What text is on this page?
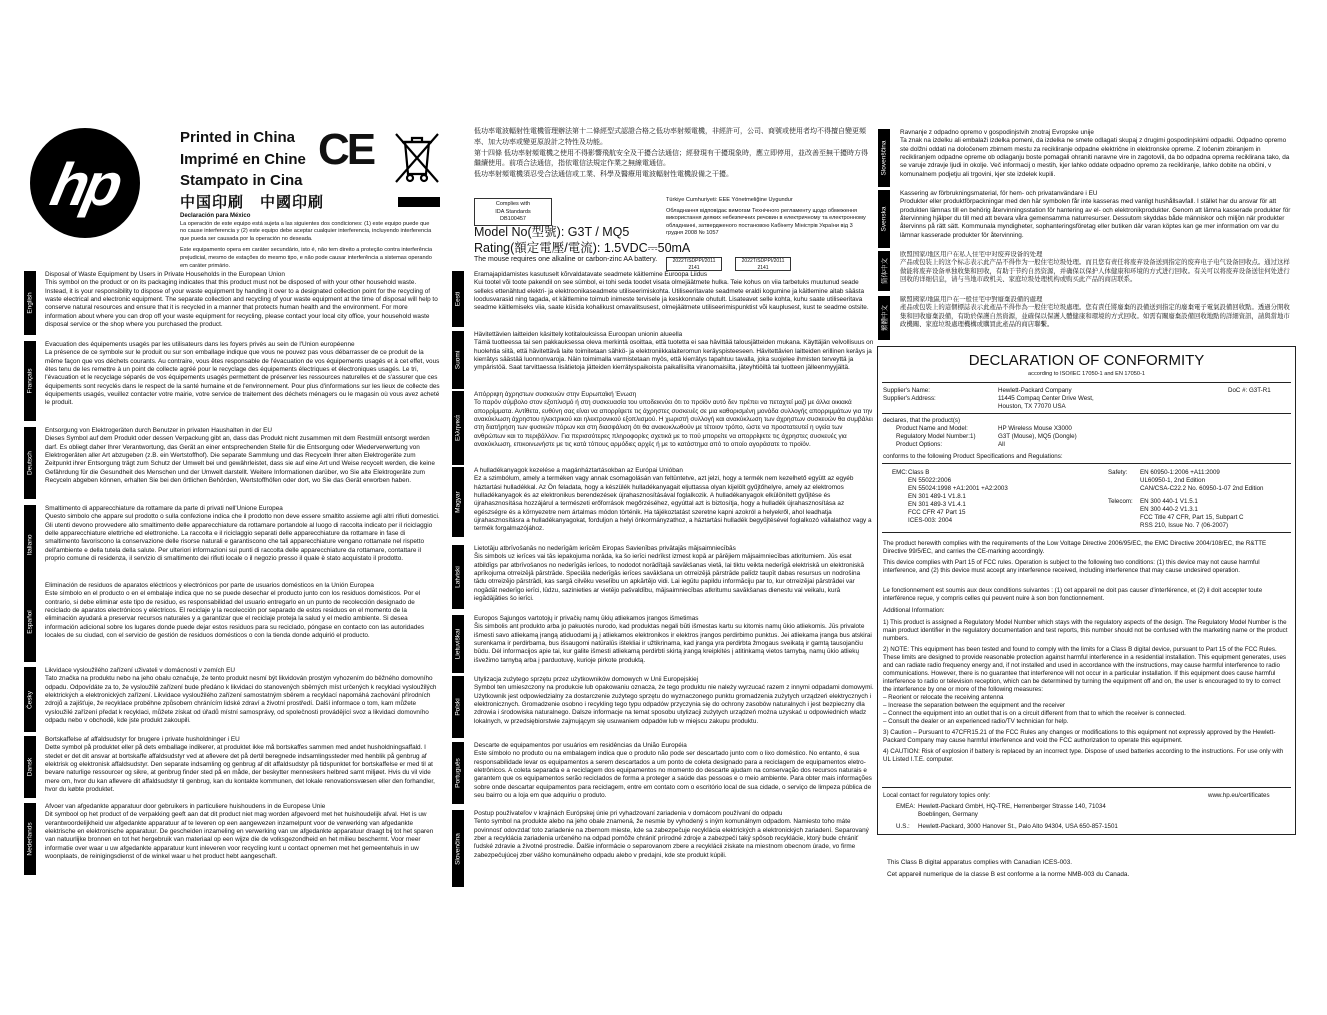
hp
Printed in China
Imprimé en Chine
Stampato in Cina
中国印刷　中國印刷
CE
Declaración para México
La operación de este equipo está sujeta a las siguientes dos condiciones: (1) este equipo puede que no cause interferencia y (2) este equipo debe aceptar cualquier interferencia, incluyendo interferencia que pueda ser causada por la operación no deseada.
Este equipamento opera em caráter secundário, isto é, não tem direito a proteção contra interferência prejudicial, mesmo de estações do mesmo tipo, e não pode causar interferência a sistemas operando em caráter primário.
English
Disposal of Waste Equipment by Users in Private Households in the European Union
This symbol on the product or on its packaging indicates that this product must not be disposed of with your other household waste. Instead, it is your responsibility to dispose of your waste equipment by handing it over to a designated collection point for the recycling of waste electrical and electronic equipment. The separate collection and recycling of your waste equipment at the time of disposal will help to conserve natural resources and ensure that it is recycled in a manner that protects human health and the environment. For more information about where you can drop off your waste equipment for recycling, please contact your local city office, your household waste disposal service or the shop where you purchased the product.
Français
Évacuation des équipements usagés par les utilisateurs dans les foyers privés au sein de l'Union européenne
La présence de ce symbole sur le produit ou sur son emballage indique que vous ne pouvez pas vous débarrasser de ce produit de la même façon que vos déchets courants. Au contraire, vous êtes responsable de l'évacuation de vos équipements usagés et à cet effet, vous êtes tenu de les remettre à un point de collecte agréé pour le recyclage des équipements électriques et électroniques usagés. Le tri, l'évacuation et le recyclage séparés de vos équipements usagés permettent de préserver les ressources naturelles et de s'assurer que ces équipements sont recyclés dans le respect de la santé humaine et de l'environnement. Pour plus d'informations sur les lieux de collecte des équipements usagés, veuillez contacter votre mairie, votre service de traitement des déchets ménagers ou le magasin où vous avez acheté le produit.
Deutsch
Entsorgung von Elektrogeräten durch Benutzer in privaten Haushalten in der EU
Dieses Symbol auf dem Produkt oder dessen Verpackung gibt an, dass das Produkt nicht zusammen mit dem Restmüll entsorgt werden darf. Es obliegt daher Ihrer Verantwortung, das Gerät an einer entsprechenden Stelle für die Entsorgung oder Wiederverwertung von Elektrogeräten aller Art abzugeben (z.B. ein Wertstoffhof). Die separate Sammlung und das Recyceln Ihrer alten Elektrogeräte zum Zeitpunkt ihrer Entsorgung trägt zum Schutz der Umwelt bei und gewährleistet, dass sie auf eine Art und Weise recycelt werden, die keine Gefährdung für die Gesundheit des Menschen und der Umwelt darstellt. Weitere Informationen darüber, wo Sie alte Elektrogeräte zum Recyceln abgeben können, erhalten Sie bei den örtlichen Behörden, Wertstoffhöfen oder dort, wo Sie das Gerät erworben haben.
Italiano
Smaltimento di apparecchiature da rottamare da parte di privati nell'Unione Europea
Questo simbolo che appare sul prodotto o sulla confezione indica che il prodotto non deve essere smaltito assieme agli altri rifiuti domestici. Gli utenti devono provvedere allo smaltimento delle apparecchiature da rottamare portandole al luogo di raccolta indicato per il riciclaggio delle apparecchiature elettriche ed elettroniche. La raccolta e il riciclaggio separati delle apparecchiature da rottamare in fase di smaltimento favoriscono la conservazione delle risorse naturali e garantiscono che tali apparecchiature vengano rottamate nel rispetto dell'ambiente e della tutela della salute. Per ulteriori informazioni sui punti di raccolta delle apparecchiature da rottamare, contattare il proprio comune di residenza, il servizio di smaltimento dei rifiuti locale o il negozio presso il quale è stato acquistato il prodotto.
Español
Eliminación de residuos de aparatos eléctricos y electrónicos por parte de usuarios domésticos en la Unión Europea
Este símbolo en el producto o en el embalaje indica que no se puede desechar el producto junto con los residuos domésticos. Por el contrario, si debe eliminar este tipo de residuo, es responsabilidad del usuario entregarlo en un punto de recolección designado de reciclado de aparatos electrónicos y eléctricos. El reciclaje y la recolección por separado de estos residuos en el momento de la eliminación ayudará a preservar recursos naturales y a garantizar que el reciclaje proteja la salud y el medio ambiente. Si desea información adicional sobre los lugares donde puede dejar estos residuos para su reciclado, póngase en contacto con las autoridades locales de su ciudad, con el servicio de gestión de residuos domésticos o con la tienda donde adquirió el producto.
Česky
Likvidace vysloužilého zařízení uživateli v domácnosti v zemích EU
Tato značka na produktu nebo na jeho obalu označuje, že tento produkt nesmí být likvidován prostým vyhozením do běžného domovního odpadu. Odpovídáte za to, že vysloužilé zařízení bude předáno k likvidaci do stanovených sběrných míst určených k recyklaci vysloužilých elektrických a elektronických zařízení. Likvidace vysloužilého zařízení samostatným sběrem a recyklací napomáhá zachování přírodních zdrojů a zajišťuje, že recyklace proběhne způsobem chránícím lidské zdraví a životní prostředí. Další informace o tom, kam můžete vysloužilé zařízení předat k recyklaci, můžete získat od úřadů místní samosprávy, od společnosti provádějící svoz a likvidaci domovního odpadu nebo v obchodě, kde jste produkt zakoupili.
Dansk
Bortskaffelse af affaldsudstyr for brugere i private husholdninger i EU
Dette symbol på produktet eller på dets emballage indikerer, at produktet ikke må bortskaffes sammen med andet husholdningsaffald. I stedet er det dit ansvar at bortskaffe affaldsudstyr ved at aflevere det på dertil beregnede indsamlingssteder med henblik på genbrug af elektrisk og elektronisk affaldsudstyr. Den separate indsamling og genbrug af dit affaldsudstyr på tidspunktet for bortskaffelse er med til at bevare naturlige ressourcer og sikre, at genbrug finder sted på en måde, der beskytter menneskers helbred samt miljøet. Hvis du vil vide mere om, hvor du kan aflevere dit affaldsudstyr til genbrug, kan du kontakte kommunen, det lokale renovationsvæsen eller den forhandler, hvor du købte produktet.
Nederlands
Afvoer van afgedankte apparatuur door gebruikers in particuliere huishoudens in de Europese Unie
Dit symbool op het product of de verpakking geeft aan dat dit product niet mag worden afgevoerd met het huishoudelijk afval. Het is uw verantwoordelijkheid uw afgedankte apparatuur af te leveren op een aangewezen inzamelpunt voor de verwerking van afgedankte elektrische en elektronische apparatuur. De gescheiden inzameling en verwerking van uw afgedankte apparatuur draagt bij tot het sparen van natuurlijke bronnen en tot het hergebruik van materiaal op een wijze die de volksgezondheid en het milieu beschermt. Voor meer informatie over waar u uw afgedankte apparatuur kunt inleveren voor recycling kunt u contact opnemen met het gemeentehuis in uw woonplaats, de reinigingsdienst of de winkel waar u het product hebt aangeschaft.
低功率電波輻射性電機管理辦法第十二條經型式認證合格之低功率射頻電機，非經許可，公司、商號或使用者均不得擅自變更頻率、加大功率或變更原設計之特性及功能。
第十四條 低功率射頻電機之使用不得影響飛航安全及干擾合法通信；經發現有干擾現象時，應立即停用，並改善至無干擾時方得繼續使用。前項合法通信，指依電信法規定作業之無線電通信。
低功率射頻電機須忍受合法通信或工業、科學及醫療用電波輻射性電機設備之干擾。
Complies with
IDA Standards
DB100457
Model No(型號): G3T / MQ5
Rating(額定電壓/電流): 1.5VDC⎓50mA
The mouse requires one alkaline or carbon-zinc AA battery.
Türkiye Cumhuriyeti: EEE Yönetmeliğine Uygundur
Обладнання відповідає вимогам Технічного регламенту щодо обмеження використання деяких небезпечних речовин в електричному та електронному обладнанні, затвердженого постановою Кабінету Міністрів України від 3 грудня 2008 № 1057
2022T/SDPPI/2011
2141
2022T/SDPPI/2011
2141
Eesti
Eramajapidamistes kasutuselt kõrvaldatavate seadmete käitlemine Euroopa Liidus
Kui tootel või toote pakendil on see sümbol, ei tohi seda toodet visata olmejäätmete hulka. Teie kohus on viia tarbetuks muutunud seade selleks ettenähtud elektri- ja elektroonikaseadmete utiliseerimiskohta. Utiliseeritavate seadmete eraldi kogumine ja käitlemine aitab säästa loodusvarasid ning tagada, et käitlemine toimub inimeste tervisele ja keskkonnale ohutult. Lisateavet selle kohta, kuhu saate utiliseeritava seadme käitlemiseks viia, saate küsida kohalikust omavalitsusest, olmejäätmete utiliseerimispunktist või kauplusest, kust te seadme ostsite.
Suomi
Hävitettävien laitteiden käsittely kotitalouksissa Euroopan unionin alueella
Tämä tuotteessa tai sen pakkauksessa oleva merkintä osoittaa, että tuotetta ei saa hävittää talousjätteiden mukana. Käyttäjän velvollisuus on huolehtia siitä, että hävitettävä laite toimitetaan sähkö- ja elektroniikkalaiteromun keräyspisteeseen. Hävitettävien laitteiden erillinen keräys ja kierrätys säästää luonnonvaroja. Näin toimimalla varmistetaan myös, että kierrätys tapahtuu tavalla, joka suojelee ihmisten terveyttä ja ympäristöä. Saat tarvittaessa lisätietoja jätteiden kierrätyspaikoista paikallisilta viranomaisilta, jäteyhtiöiltä tai tuotteen jälleenmyyjältä.
Ελληνικά
Απόρριψη άχρηστων συσκευών στην Ευρωπαϊκή Ένωση
Το παρόν σύμβολο στον εξοπλισμό ή στη συσκευασία του υποδεικνύει ότι το προϊόν αυτό δεν πρέπει να πεταχτεί μαζί με άλλα οικιακά απορρίμματα. Αντίθετα, ευθύνη σας είναι να απορρίψετε τις άχρηστες συσκευές σε μια καθορισμένη μονάδα συλλογής απορριμμάτων για την ανακύκλωση άχρηστου ηλεκτρικού και ηλεκτρονικού εξοπλισμού. Η χωριστή συλλογή και ανακύκλωση των άχρηστων συσκευών θα συμβάλει στη διατήρηση των φυσικών πόρων και στη διασφάλιση ότι θα ανακυκλωθούν με τέτοιον τρόπο, ώστε να προστατευτεί η υγεία των ανθρώπων και το περιβάλλον. Για περισσότερες πληροφορίες σχετικά με το πού μπορείτε να απορρίψετε τις άχρηστες συσκευές για ανακύκλωση, επικοινωνήστε με τις κατά τόπους αρμόδιες αρχές ή με το κατάστημα από το οποίο αγοράσατε το προϊόν.
Magyar
A hulladékanyagok kezelése a magánháztartásokban az Európai Unióban
Ez a szimbólum, amely a terméken vagy annak csomagolásán van feltüntetve, azt jelzi, hogy a termék nem kezelhető együtt az egyéb háztartási hulladékkal. Az Ön feladata, hogy a készülék hulladékanyagait eljuttassa olyan kijelölt gyűjtőhelyre, amely az elektromos hulladékanyagok és az elektronikus berendezések újrahasznosításával foglalkozik. A hulladékanyagok elkülönített gyűjtése és újrahasznosítása hozzájárul a természeti erőforrások megőrzéséhez, egyúttal azt is biztosítja, hogy a hulladék újrahasznosítása az egészségre és a környezetre nem ártalmas módon történik. Ha tájékoztatást szeretne kapni azokról a helyekről, ahol leadhatja újrahasznosításra a hulladékanyagokat, forduljon a helyi önkormányzathoz, a háztartási hulladék begyűjtésével foglalkozó vállalathoz vagy a termék forgalmazójához.
Latviski
Lietotāju atbrīvošanās no nederīgām ierīcēm Eiropas Savienības privātajās mājsaimniecībās
Šis simbols uz ierīces vai tās iepakojuma norāda, ka šo ierīci nedrīkst izmest kopā ar pārējiem mājsaimniecības atkritumiem. Jūs esat atbildīgs par atbrīvošanos no nederīgās ierīces, to nododot norādītajā savākšanas vietā, lai tiktu veikta nederīgā elektriskā un elektroniskā aprīkojuma otrreizējā pārstrāde. Speciāla nederīgās ierīces savākšana un otrreizējā pārstrāde palīdz taupīt dabas resursus un nodrošina tādu otrreizējo pārstrādi, kas sargā cilvēku veselību un apkārtējo vidi. Lai iegūtu papildu informāciju par to, kur otrreizējai pārstrādei var nogādāt nederīgo ierīci, lūdzu, sazinieties ar vietējo pašvaldību, mājsaimniecības atkritumu savākšanas dienestu vai veikalu, kurā iegādājāties šo ierīci.
Lietuviškai
Europos Sąjungos vartotojų ir privačių namų ūkių atliekamos įrangos išmetimas
Šis simbolis ant produkto arba jo pakuotės nurodo, kad produktas negali būti išmestas kartu su kitomis namų ūkio atliekomis. Jūs privalote išmesti savo atliekamą įrangą atiduodami ją į atliekamos elektronikos ir elektros įrangos perdirbimo punktus. Jei atliekama įranga bus atskirai surenkama ir perdirbama, bus išsaugomi natūralūs ištekliai ir užtikrinama, kad įranga yra perdirbta žmogaus sveikatą ir gamtą tausojančiu būdu. Dėl informacijos apie tai, kur galite išmesti atliekamą perdirbti skirtą įrangą kreipkitės į atitinkamą vietos tarnybą, namų ūkio atliekų išvežimo tarnybą arba į parduotuvę, kurioje pirkote produktą.
Polski
Utylizacja zużytego sprzętu przez użytkowników domowych w Unii Europejskiej
Symbol ten umieszczony na produkcie lub opakowaniu oznacza, że tego produktu nie należy wyrzucać razem z innymi odpadami domowymi. Użytkownik jest odpowiedzialny za dostarczenie zużytego sprzętu do wyznaczonego punktu gromadzenia zużytych urządzeń elektrycznych i elektronicznych. Gromadzenie osobno i recykling tego typu odpadów przyczynia się do ochrony zasobów naturalnych i jest bezpieczny dla zdrowia i środowiska naturalnego. Dalsze informacje na temat sposobu utylizacji zużytych urządzeń można uzyskać u odpowiednich władz lokalnych, w przedsiębiorstwie zajmującym się usuwaniem odpadów lub w miejscu zakupu produktu.
Português
Descarte de equipamentos por usuários em residências da União Européia
Este símbolo no produto ou na embalagem indica que o produto não pode ser descartado junto com o lixo doméstico. No entanto, é sua responsabilidade levar os equipamentos a serem descartados a um ponto de coleta designado para a reciclagem de equipamentos eletro-eletrônicos. A coleta separada e a reciclagem dos equipamentos no momento do descarte ajudam na conservação dos recursos naturais e garantem que os equipamentos serão reciclados de forma a proteger a saúde das pessoas e o meio ambiente. Para obter mais informações sobre onde descartar equipamentos para reciclagem, entre em contato com o escritório local de sua cidade, o serviço de limpeza pública de seu bairro ou a loja em que adquiriu o produto.
Slovenčina
Postup používateľov v krajinách Európskej únie pri vyhadzovaní zariadenia v domácom používaní do odpadu
Tento symbol na produkte alebo na jeho obale znamená, že nesmie by vyhodený s iným komunálnym odpadom. Namiesto toho máte povinnosť odovzdať toto zariadenie na zbernom mieste, kde sa zabezpečuje recyklácia elektrických a elektronických zariadení. Separovaný zber a recyklácia zariadenia určeného na odpad pomôže chrániť prírodné zdroje a zabezpečí taký spôsob recyklácie, ktorý bude chrániť ľudské zdravie a životné prostredie. Ďalšie informácie o separovanom zbere a recyklácii získate na miestnom obecnom úrade, vo firme zabezpečujúcej zber vášho komunálneho odpadu alebo v predajni, kde ste produkt kúpili.
Slovenščina
Ravnanje z odpadno opremo v gospodinjstvih znotraj Evropske unije
Ta znak na izdelku ali embalaži izdelka pomeni, da izdelka ne smete odlagati skupaj z drugimi gospodinjskimi odpadki. Odpadno opremo ste dolžni oddati na določenem zbirnem mestu za recikliranje odpadne električne in elektronske opreme. Z ločenim zbiranjem in recikliranjem odpadne opreme ob odlaganju boste pomagali ohraniti naravne vire in zagotovili, da bo odpadna oprema reciklirana tako, da se varuje zdravje ljudi in okolje. Več informacij o mestih, kjer lahko oddate odpadno opremo za recikliranje, lahko dobite na občini, v komunalnem podjetju ali trgovini, kjer ste izdelek kupili.
Svenska
Kassering av förbrukningsmaterial, för hem- och privatanvändare i EU
Produkter eller produktförpackningar med den här symbolen får inte kasseras med vanligt hushållsavfall. I stället har du ansvar för att produkten lämnas till en behörig återvinningsstation för hantering av el- och elektronikprodukter. Genom att lämna kasserade produkter för återvinning hjälper du till med att bevara våra gemensamma naturresurser. Dessutom skyddas både människor och miljön när produkter återvinns på rätt sätt. Kommunala myndigheter, sophanteringsföretag eller butiken där varan köptes kan ge mer information om var du lämnar kasserade produkter för återvinning.
简体中文
欧盟国家/地区用户在私人住宅中对废弃设备的处理
产品或包装上的这个标志表示此产品不得作为一般住宅垃圾处理。而且您有责任将废弃设备送到指定的废弃电子电气设备回收点。通过这样做能将废弃设备单独收集和回收，有助于节约自然资源，并确保以保护人体健康和环境的方式进行回收。有关可以将废弃设备送往何处进行回收的详细信息，请与当地市政机关、家庭垃圾处理机构或购买此产品的商店联系。
繁體中文
歐盟國家/地區用戶在一般住宅中對廢棄設備的處理
產品或包裝上的這個標誌表示此產品不得作為一般住宅垃圾處理。您有責任將廢棄的設備送到指定的廢棄電子電氣設備回收點。透過分開收集和回收廢棄設備，有助於保護自然資源，並確保以保護人體健康和環境的方式回收。如需有關廢棄設備回收地點的詳細資訊，請與當地市政機關、家庭垃圾處理機構或購買此產品的商店聯繫。
DECLARATION OF CONFORMITY
according to ISO/IEC 17050-1 and EN 17050-1
Supplier's Name:	Hewlett-Packard Company	DoC #: G3T-R1
Supplier's Address:	11445 Compaq Center Drive West,
Houston, TX 77070 USA
declares, that the product(s)
Product Name and Model:	HP Wireless Mouse X3000
Regulatory Model Number: 1)	G3T (Mouse), MQ5 (Dongle)
Product Options:	All
conforms to the following Product Specifications and Regulations:
EMC: Class B
EN 55022:2006
EN 55024:1998 +A1:2001 +A2:2003
EN 301 489-1 V1.8.1
EN 301 489-3 V1.4.1
FCC CFR 47 Part 15
ICES-003: 2004
Safety: EN 60950-1:2006 +A11:2009
UL60950-1, 2nd Edition
CAN/CSA-C22.2 No. 60950-1-07 2nd Edition
Telecom: EN 300 440-1 V1.5.1
EN 300 440-2 V1.3.1
FCC Title 47 CFR, Part 15, Subpart C
RSS 210, Issue No. 7 (06-2007)
The product herewith complies with the requirements of the Low Voltage Directive 2006/95/EC, the EMC Directive 2004/108/EC, the R&TTE Directive 99/5/EC, and carries the CE-marking accordingly.
This device complies with Part 15 of FCC rules. Operation is subject to the following two conditions: (1) this device may not cause harmful interference, and (2) this device must accept any interference received, including interference that may cause undesired operation.
Le fonctionnement est soumis aux deux conditions suivantes : (1) cet appareil ne doit pas causer d'interférence, et (2) il doit accepter toute interférence reçue, y compris celles qui peuvent nuire à son bon fonctionnement.
Additional Information:
1) This product is assigned a Regulatory Model Number which stays with the regulatory aspects of the design. The Regulatory Model Number is the main product identifier in the regulatory documentation and test reports, this number should not be confused with the marketing name or the product numbers.
2) NOTE: This equipment has been tested and found to comply with the limits for a Class B digital device, pursuant to Part 15 of the FCC Rules. These limits are designed to provide reasonable protection against harmful interference in a residential installation. This equipment generates, uses and can radiate radio frequency energy and, if not installed and used in accordance with the instructions, may cause harmful interference to radio communications. However, there is no guarantee that interference will not occur in a particular installation. If this equipment does cause harmful interference to radio or television reception, which can be determined by turning the equipment off and on, the user is encouraged to try to correct the interference by one or more of the following measures:
– Reorient or relocate the receiving antenna
– Increase the separation between the equipment and the receiver
– Connect the equipment into an outlet that is on a circuit different from that to which the receiver is connected.
– Consult the dealer or an experienced radio/TV technician for help.
3) Caution – Pursuant to 47CFR15.21 of the FCC Rules any changes or modifications to this equipment not expressly approved by the Hewlett-Packard Company may cause harmful interference and void the FCC authorization to operate this equipment.
4) CAUTION: Risk of explosion if battery is replaced by an incorrect type. Dispose of used batteries according to the instructions. For use only with UL Listed I.T.E. computer.
Local contact for regulatory topics only:	www.hp.eu/certificates
EMEA: Hewlett-Packard GmbH, HQ-TRE, Herrenberger Strasse 140, 71034
Boeblingen, Germany
U.S.: Hewlett-Packard, 3000 Hanover St., Palo Alto 94304, USA 650-857-1501
This Class B digital apparatus complies with Canadian ICES-003.
Cet appareil numerique de la classe B est conforme a la norme NMB-003 du Canada.
